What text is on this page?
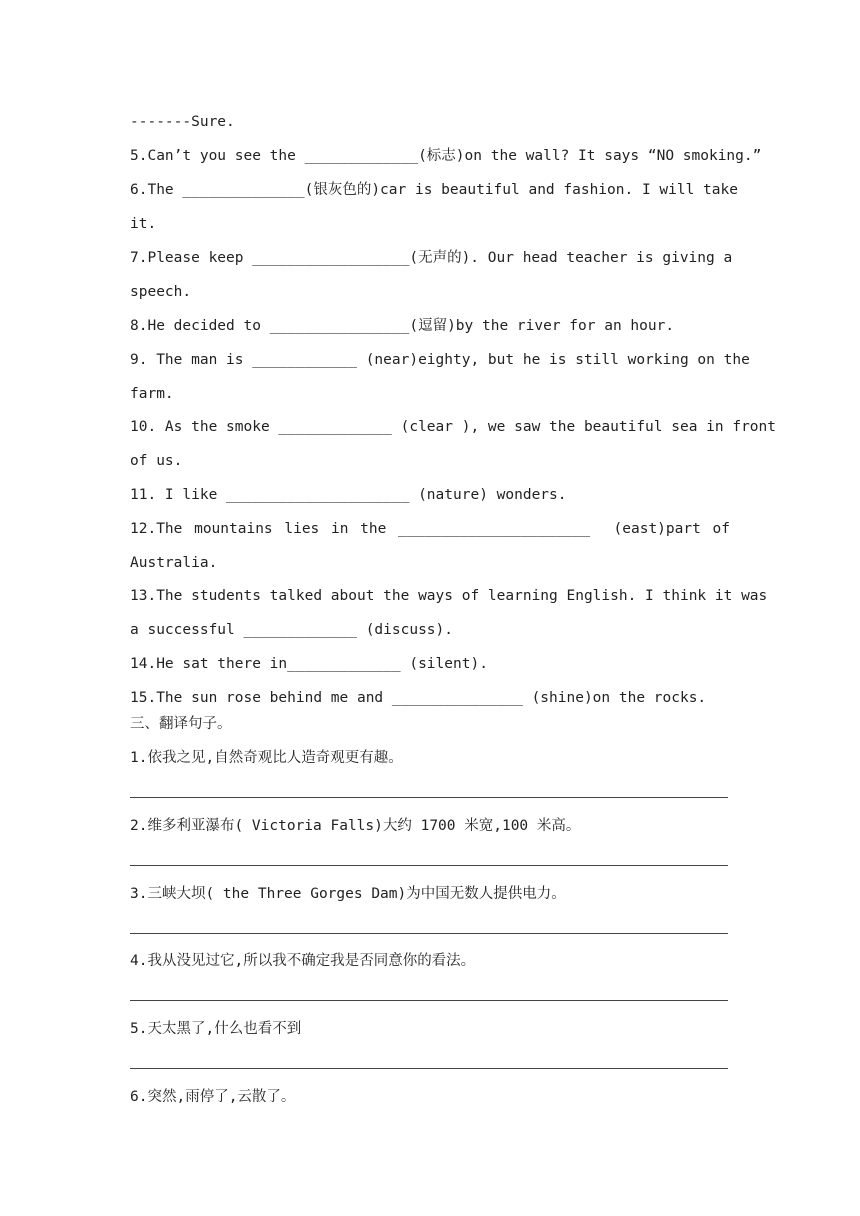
-------Sure.
5.Can’t you see the _____________(标志)on the wall? It says “NO smoking.”
6.The ______________(银灰色的)car is beautiful and fashion. I will take
it.
7.Please keep __________________(无声的). Our head teacher is giving a
speech.
8.He decided to ________________(逗留)by the river for an hour.
9. The man is ____________ (near)eighty, but he is still working on the
farm.
10. As the smoke _____________ (clear ), we saw the beautiful sea in front
of us.
11. I like _____________________ (nature) wonders.
12.The mountains lies in the ______________________  (east)part of
Australia.
13.The students talked about the ways of learning English. I think it was
a successful _____________ (discuss).
14.He sat there in_____________ (silent).
15.The sun rose behind me and _______________ (shine)on the rocks.
三、翻译句子。
1.依我之见,自然奇观比人造奇观更有趣。
2.维多利亚瀑布( Victoria Falls)大约 1700 米宽,100 米高。
3.三峡大坝( the Three Gorges Dam)为中国无数人提供电力。
4.我从没见过它,所以我不确定我是否同意你的看法。
5.天太黑了,什么也看不到
6.突然,雨停了,云散了。
